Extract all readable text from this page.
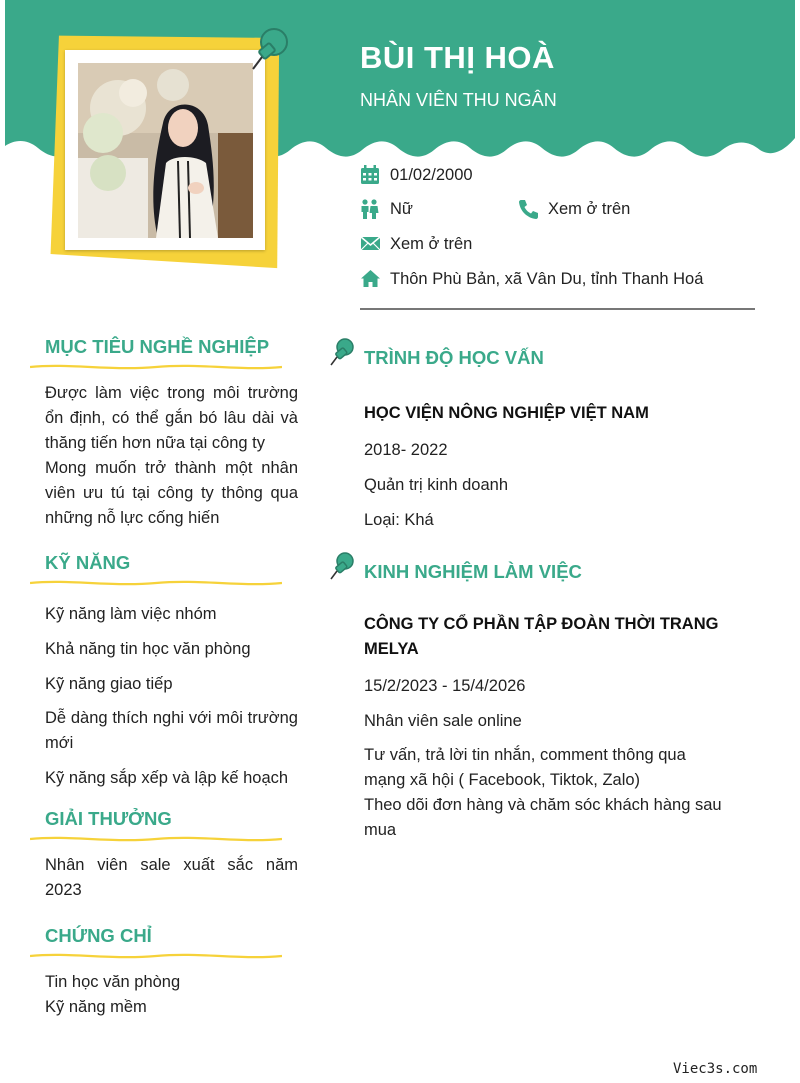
BÙI THỊ HOÀ
NHÂN VIÊN THU NGÂN
01/02/2000
Nữ	Xem ở trên
Xem ở trên
Thôn Phù Bản, xã Vân Du, tỉnh Thanh Hoá
MỤC TIÊU NGHỀ NGHIỆP
Được làm việc trong môi trường ổn định, có thể gắn bó lâu dài và thăng tiến hơn nữa tại công ty
Mong muốn trở thành một nhân viên ưu tú tại công ty thông qua những nỗ lực cống hiến
KỸ NĂNG
Kỹ năng làm việc nhóm
Khả năng tin học văn phòng
Kỹ năng giao tiếp
Dễ dàng thích nghi với môi trường mới
Kỹ năng sắp xếp và lập kế hoạch
GIẢI THƯỞNG
Nhân viên sale xuất sắc năm 2023
CHỨNG CHỈ
Tin học văn phòng
Kỹ năng mềm
TRÌNH ĐỘ HỌC VẤN
HỌC VIỆN NÔNG NGHIỆP VIỆT NAM
2018- 2022
Quản trị kinh doanh
Loại: Khá
KINH NGHIỆM LÀM VIỆC
CÔNG TY CỔ PHẦN TẬP ĐOÀN THỜI TRANG
MELYA
15/2/2023 - 15/4/2026
Nhân viên sale online
Tư vấn, trả lời tin nhắn, comment thông qua
mạng xã hội ( Facebook, Tiktok, Zalo)
Theo dõi đơn hàng và chăm sóc khách hàng sau
mua
Viec3s.com
